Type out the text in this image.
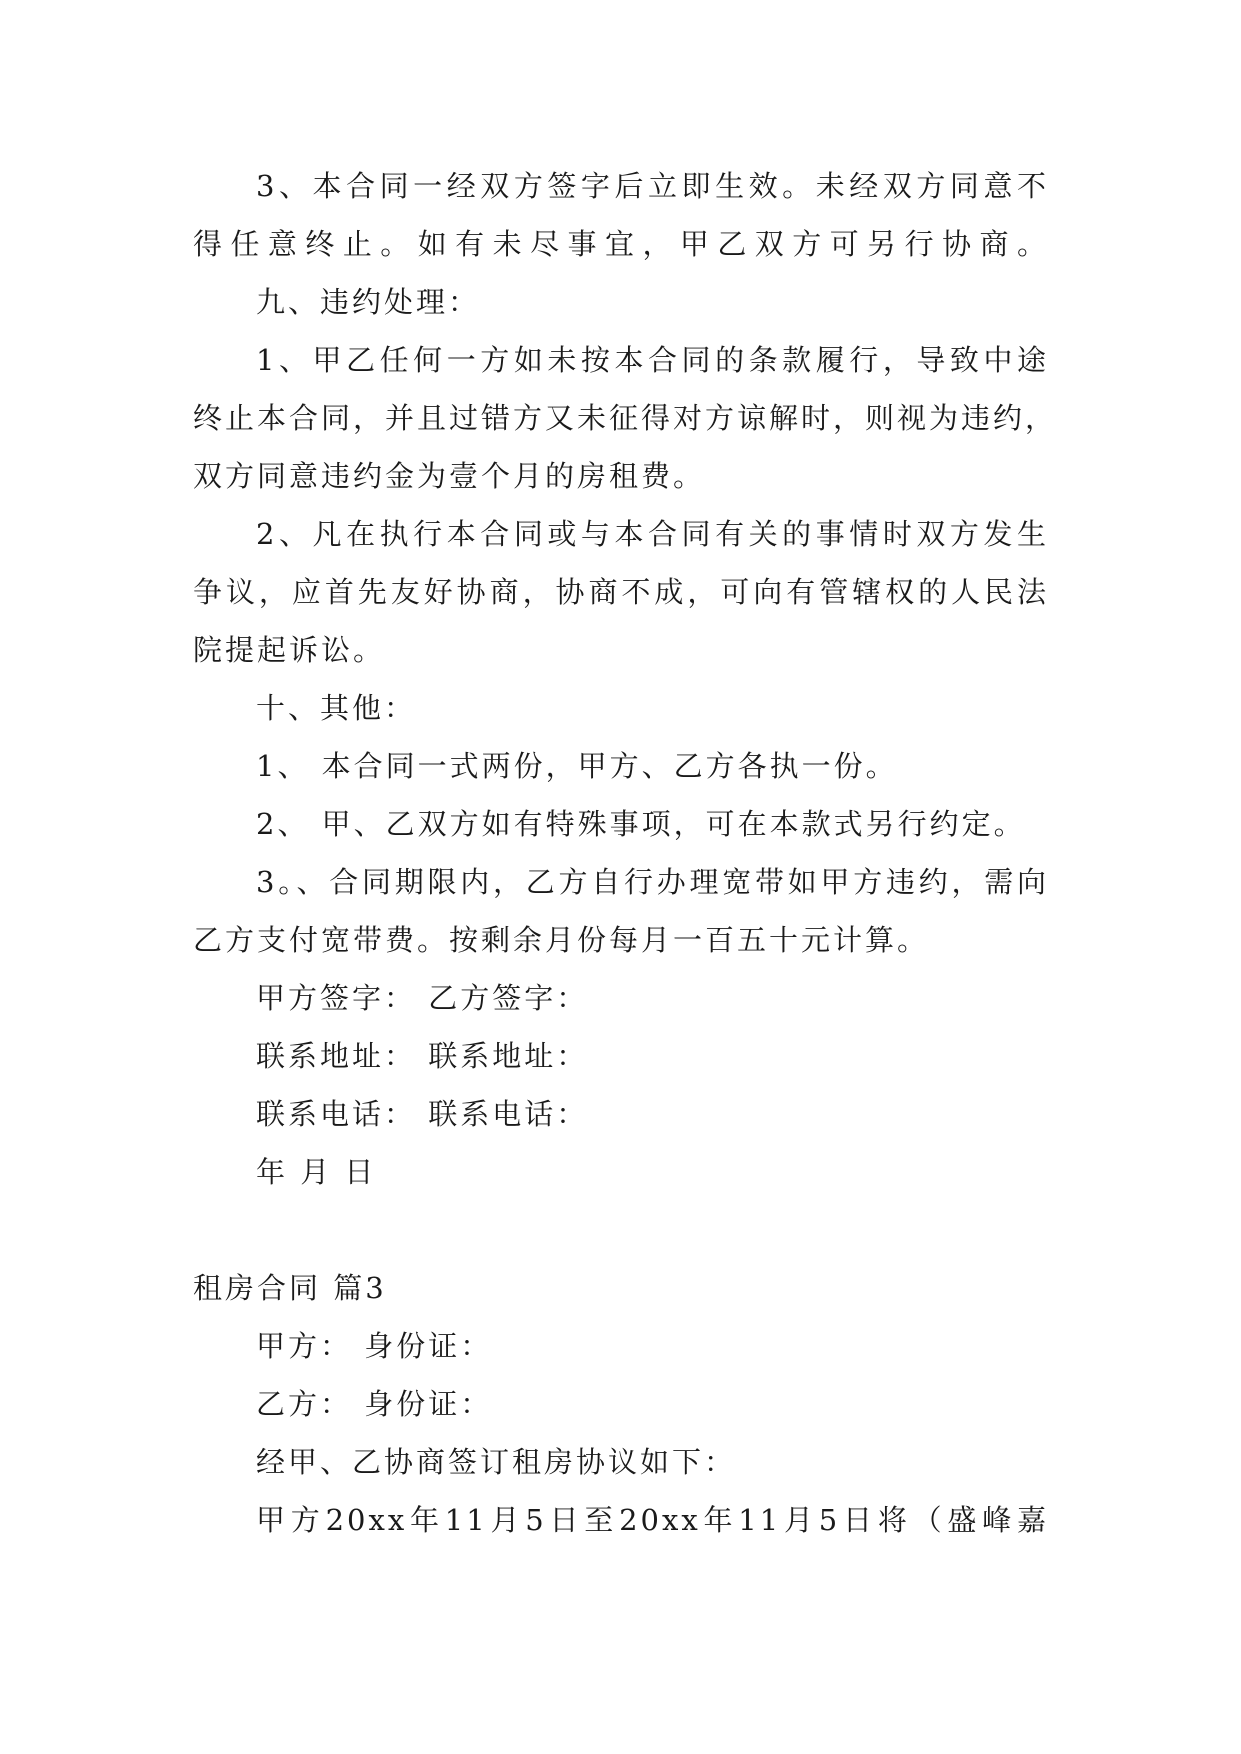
3、本合同一经双方签字后立即生效。未经双方同意不
得任意终止。如有未尽事宜，甲乙双方可另行协商。
九、违约处理：
1、甲乙任何一方如未按本合同的条款履行，导致中途
终止本合同，并且过错方又未征得对方谅解时，则视为违约，
双方同意违约金为壹个月的房租费。
2、凡在执行本合同或与本合同有关的事情时双方发生
争议，应首先友好协商，协商不成，可向有管辖权的人民法
院提起诉讼。
十、其他：
1、 本合同一式两份，甲方、乙方各执一份。
2、 甲、乙双方如有特殊事项，可在本款式另行约定。
3。、合同期限内，乙方自行办理宽带如甲方违约，需向
乙方支付宽带费。按剩余月份每月一百五十元计算。
甲方签字： 乙方签字：
联系地址： 联系地址：
联系电话： 联系电话：
年 月 日
租房合同 篇3
甲方： 身份证：
乙方： 身份证：
经甲、乙协商签订租房协议如下：
甲方20xx年11月5日至20xx年11月5日将（盛峰嘉
